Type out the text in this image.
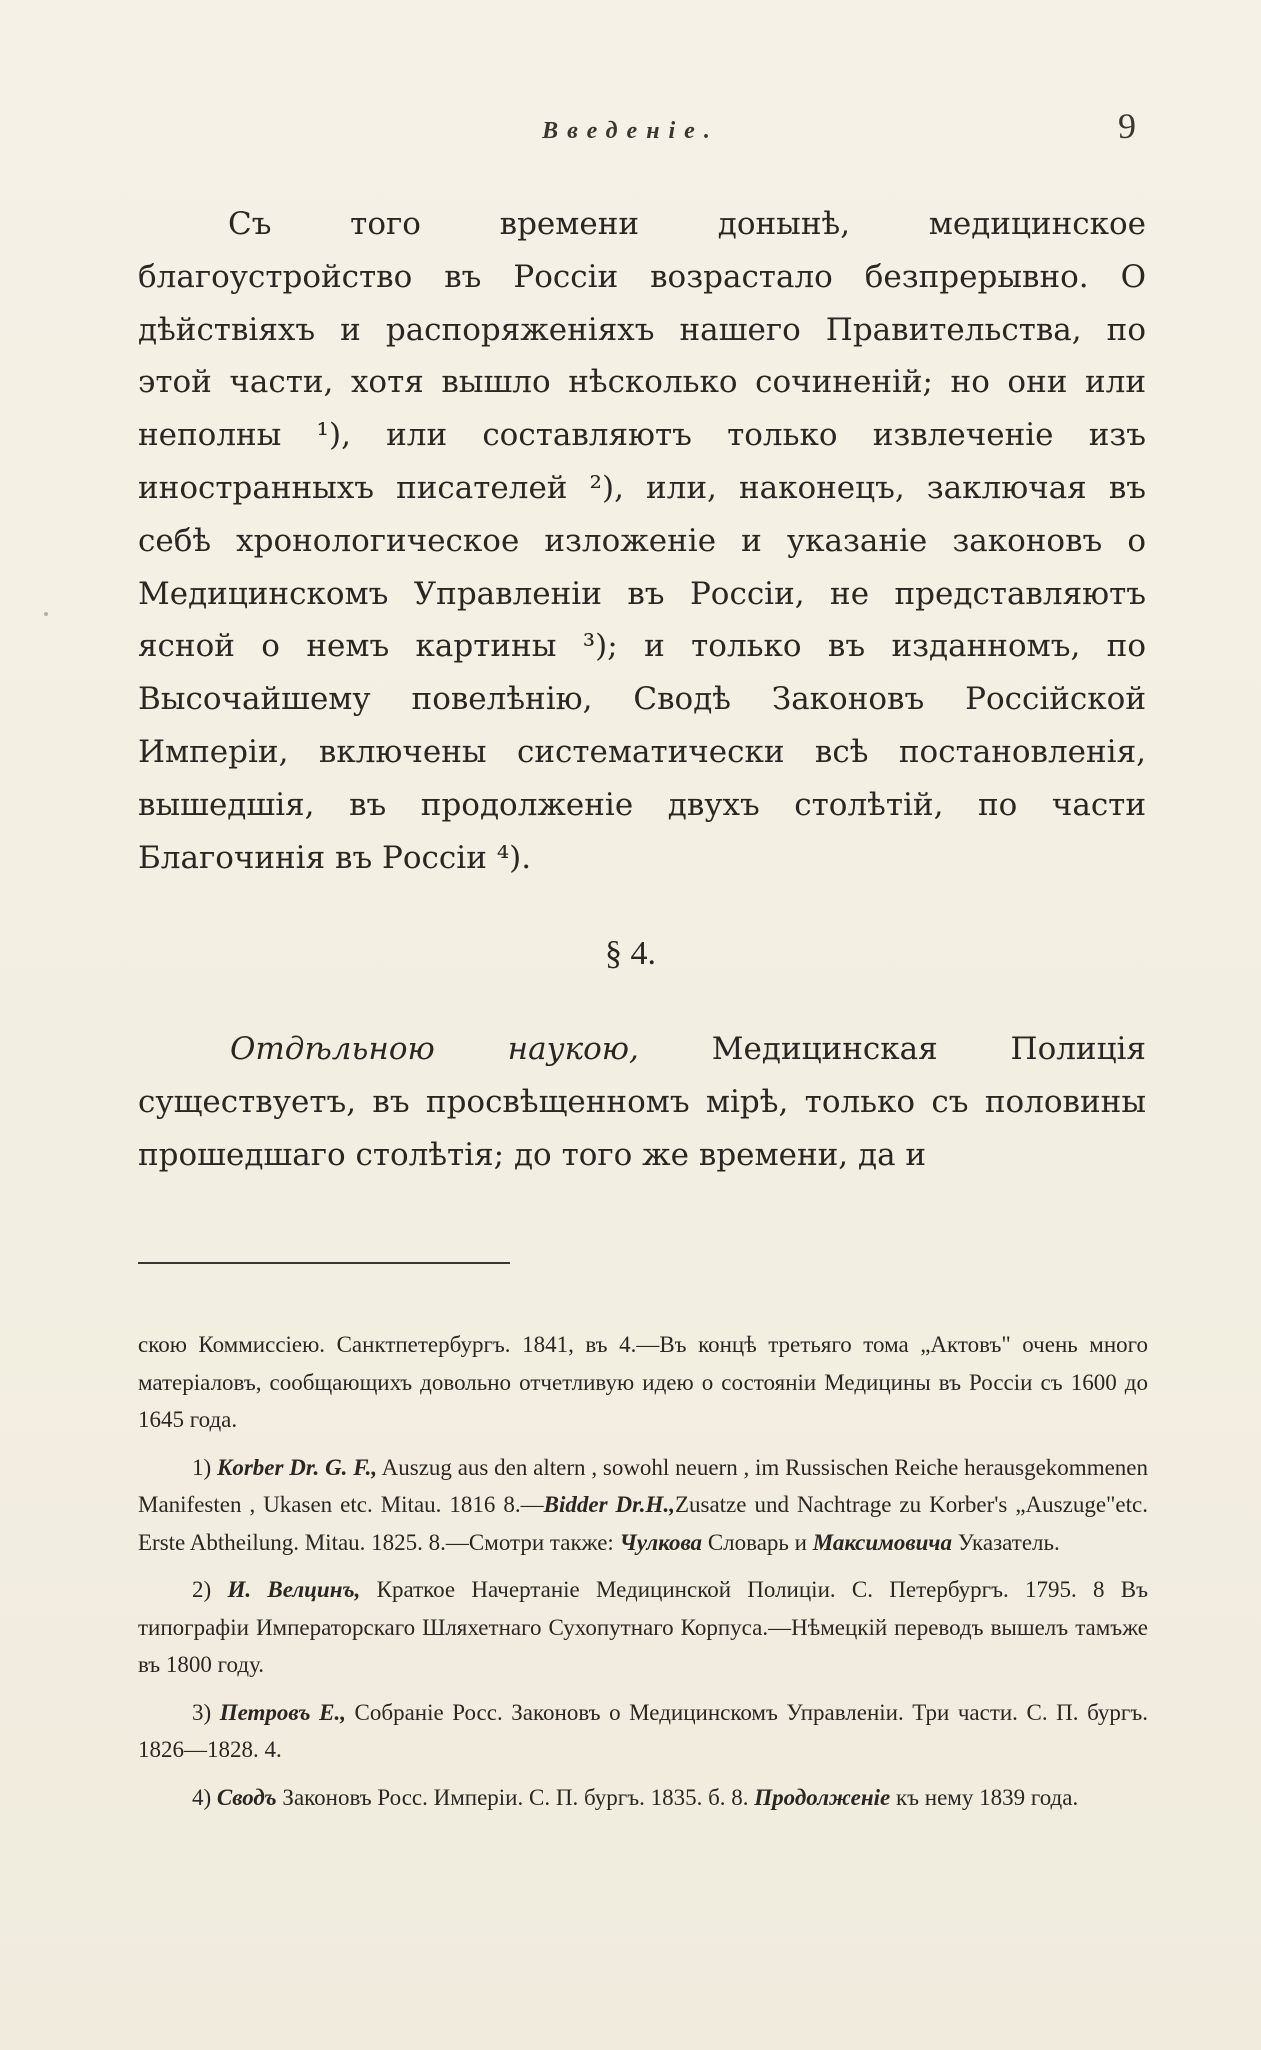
Введеніе.	9

Съ того времени донынѣ, медицинское благоустройство въ Россіи возрастало безпрерывно. О дѣйствіяхъ и распоряженіяхъ нашего Правительства, по этой части, хотя вышло нѣсколько сочиненій; но они или неполны ¹), или составляютъ только извлеченіе изъ иностранныхъ писателей ²), или, наконецъ, заключая въ себѣ хронологическое изложеніе и указаніе законовъ о Медицинскомъ Управленіи въ Россіи, не представляютъ ясной о немъ картины ³); и только въ изданномъ, по Высочайшему повелѣнію, Сводѣ Законовъ Россійской Имперіи, включены систематически всѣ постановленія, вышедшія, въ продолженіе двухъ столѣтій, по части Благочинія въ Россіи ⁴).

§ 4.

Отдѣльною наукою, Медицинская Полиція существуетъ, въ просвѣщенномъ мірѣ, только съ половины прошедшаго столѣтія; до того же времени, да и

скою Коммиссіею. Санктпетербургъ. 1841, въ 4.—Въ концѣ третьяго тома „Актовъ" очень много матеріаловъ, сообщающихъ довольно отчетливую идею о состояніи Медицины въ Россіи съ 1600 до 1645 года.

1) Korber Dr. G. F., Auszug aus den altern , sowohl neuern , im Russischen Reiche herausgekommenen Manifesten , Ukasen etc. Mitau. 1816 8.—Bidder Dr.H.,Zusatze und Nachtrage zu Korber's „Auszuge"etc. Erste Abtheilung. Mitau. 1825. 8.—Смотри также: Чулкова Словарь и Максимовича Указатель.

2) И. Велцинъ, Краткое Начертаніе Медицинской Полиціи. С. Петербургъ. 1795. 8 Въ типографіи Императорскаго Шляхетнаго Сухопутнаго Корпуса.—Нѣмецкій переводъ вышелъ тамъже въ 1800 году.

3) Петровъ Е., Собраніе Росс. Законовъ о Медицинскомъ Управленіи. Три части. С. П. бургъ. 1826—1828. 4.

4) Сводъ Законовъ Росс. Имперіи. С. П. бургъ. 1835. б. 8. Продолженіе къ нему 1839 года.
